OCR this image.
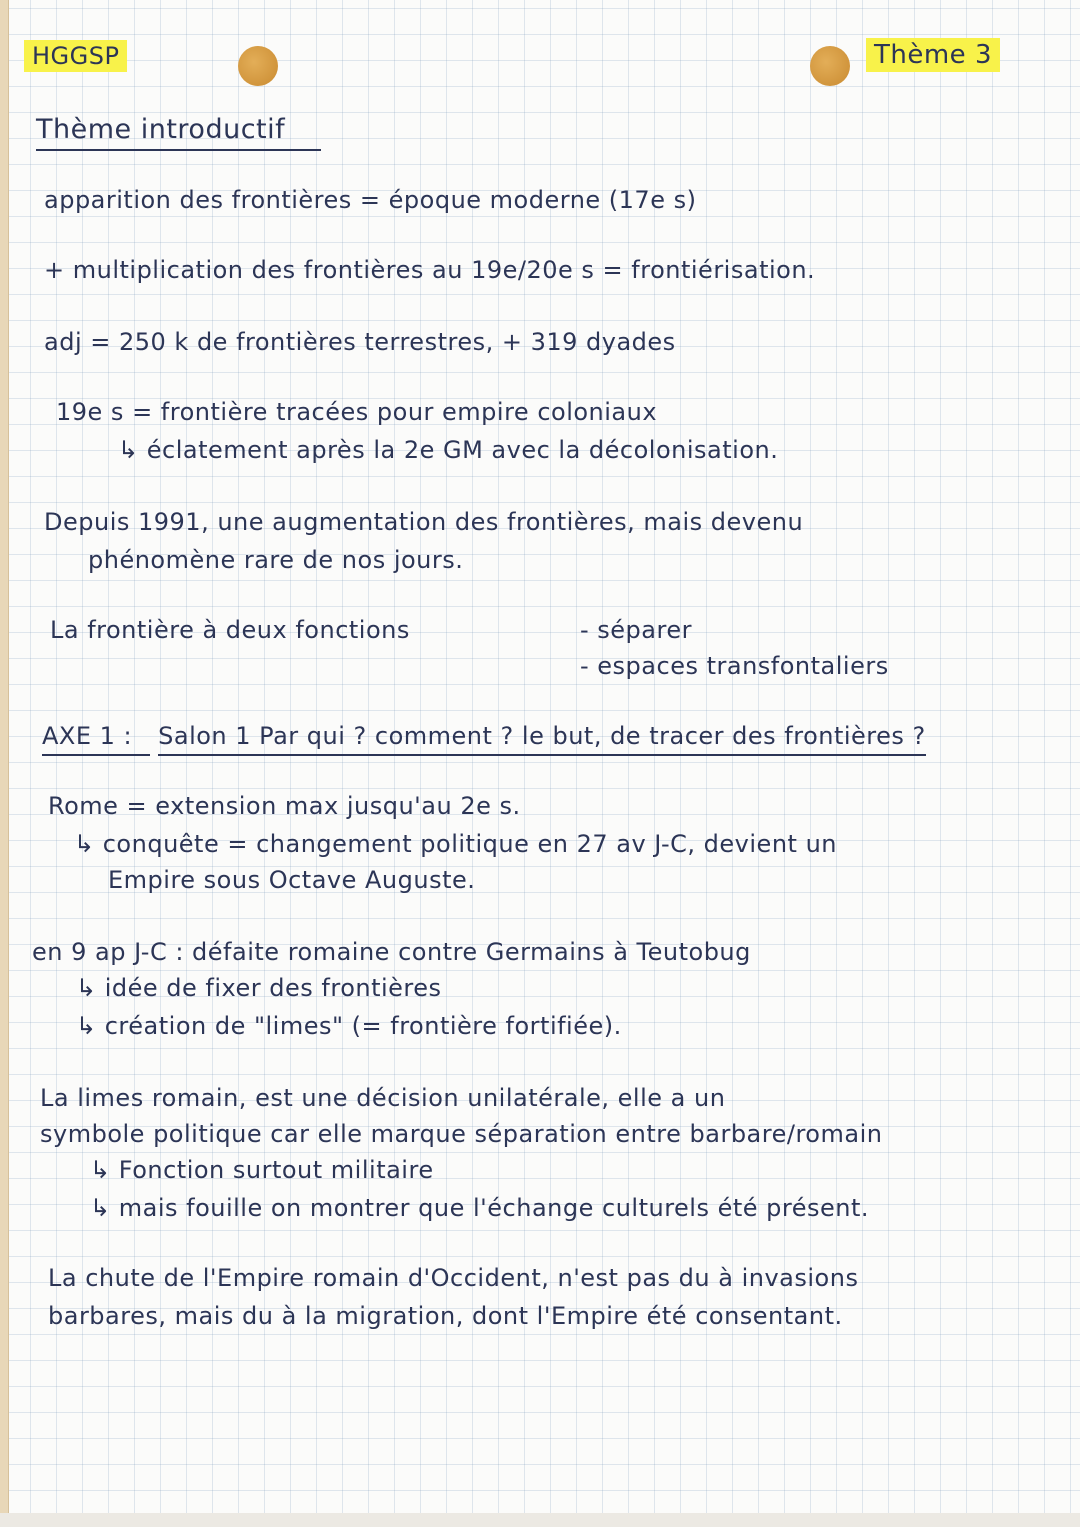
HGGSP	Thème 3
Thème introductif
apparition des frontières = époque moderne (17e s)
+ multiplication des frontières au 19e/20e s = frontiérisation.
adj = 250 k de frontières terrestres, + 319 dyades
19e s = frontière tracées pour empire coloniaux
↳ éclatement après la 2e GM avec la décolonisation.
Depuis 1991, une augmentation des frontières, mais devenu
phénomène rare de nos jours.
La frontière à deux fonctions	- séparer
- espaces transfontaliers
AXE 1 : Salon 1 Par qui ? comment ? le but, de tracer des frontières ?
Rome = extension max jusqu'au 2e s.
↳ conquête = changement politique en 27 av J-C, devient un
Empire sous Octave Auguste.
en 9 ap J-C : défaite romaine contre Germains à Teutobug
↳ idée de fixer des frontières
↳ création de "limes" (= frontière fortifiée).
La limes romain, est une décision unilatérale, elle a un
symbole politique car elle marque séparation entre barbare/romain
↳ Fonction surtout militaire
↳ mais fouille on montrer que l'échange culturels été présent.
La chute de l'Empire romain d'Occident, n'est pas du à invasions
barbares, mais du à la migration, dont l'Empire été consentant.
